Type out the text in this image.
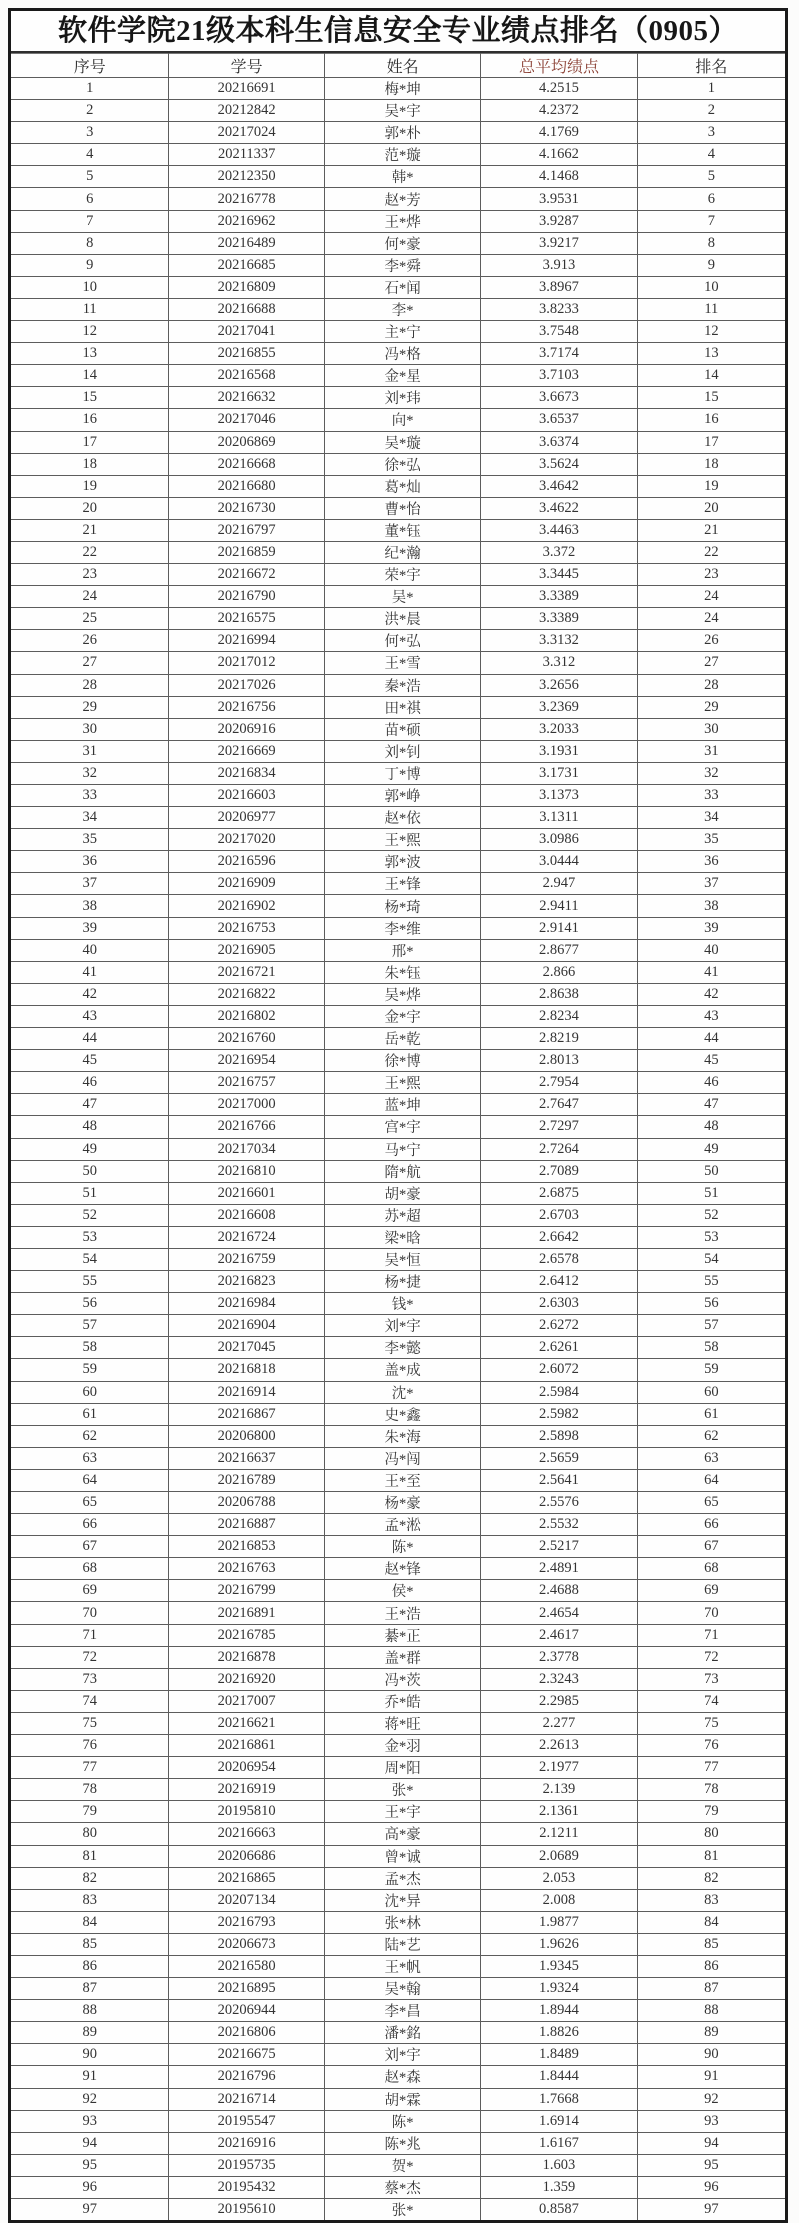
软件学院21级本科生信息安全专业绩点排名（0905）
序号	学号	姓名	总平均绩点	排名
1	20216691	梅*坤	4.2515	1
2	20212842	吴*宇	4.2372	2
3	20217024	郭*朴	4.1769	3
4	20211337	范*璇	4.1662	4
5	20212350	韩*	4.1468	5
6	20216778	赵*芳	3.9531	6
7	20216962	王*烨	3.9287	7
8	20216489	何*豪	3.9217	8
9	20216685	李*舜	3.913	9
10	20216809	石*闻	3.8967	10
11	20216688	李*	3.8233	11
12	20217041	主*宁	3.7548	12
13	20216855	冯*格	3.7174	13
14	20216568	金*星	3.7103	14
15	20216632	刘*玮	3.6673	15
16	20217046	向*	3.6537	16
17	20206869	吴*璇	3.6374	17
18	20216668	徐*弘	3.5624	18
19	20216680	葛*灿	3.4642	19
20	20216730	曹*怡	3.4622	20
21	20216797	董*钰	3.4463	21
22	20216859	纪*瀚	3.372	22
23	20216672	荣*宇	3.3445	23
24	20216790	吴*	3.3389	24
25	20216575	洪*晨	3.3389	24
26	20216994	何*弘	3.3132	26
27	20217012	王*雪	3.312	27
28	20217026	秦*浩	3.2656	28
29	20216756	田*祺	3.2369	29
30	20206916	苗*硕	3.2033	30
31	20216669	刘*钊	3.1931	31
32	20216834	丁*博	3.1731	32
33	20216603	郭*峥	3.1373	33
34	20206977	赵*依	3.1311	34
35	20217020	王*熙	3.0986	35
36	20216596	郭*波	3.0444	36
37	20216909	王*锋	2.947	37
38	20216902	杨*琦	2.9411	38
39	20216753	李*维	2.9141	39
40	20216905	邢*	2.8677	40
41	20216721	朱*钰	2.866	41
42	20216822	吴*烨	2.8638	42
43	20216802	金*宇	2.8234	43
44	20216760	岳*乾	2.8219	44
45	20216954	徐*博	2.8013	45
46	20216757	王*熙	2.7954	46
47	20217000	蓝*坤	2.7647	47
48	20216766	宫*宇	2.7297	48
49	20217034	马*宁	2.7264	49
50	20216810	隋*航	2.7089	50
51	20216601	胡*豪	2.6875	51
52	20216608	苏*超	2.6703	52
53	20216724	梁*晗	2.6642	53
54	20216759	吴*恒	2.6578	54
55	20216823	杨*捷	2.6412	55
56	20216984	钱*	2.6303	56
57	20216904	刘*宇	2.6272	57
58	20217045	李*懿	2.6261	58
59	20216818	盖*成	2.6072	59
60	20216914	沈*	2.5984	60
61	20216867	史*鑫	2.5982	61
62	20206800	朱*海	2.5898	62
63	20216637	冯*闯	2.5659	63
64	20216789	王*至	2.5641	64
65	20206788	杨*豪	2.5576	65
66	20216887	孟*淞	2.5532	66
67	20216853	陈*	2.5217	67
68	20216763	赵*锋	2.4891	68
69	20216799	侯*	2.4688	69
70	20216891	王*浩	2.4654	70
71	20216785	綦*正	2.4617	71
72	20216878	盖*群	2.3778	72
73	20216920	冯*茨	2.3243	73
74	20217007	乔*皓	2.2985	74
75	20216621	蒋*旺	2.277	75
76	20216861	金*羽	2.2613	76
77	20206954	周*阳	2.1977	77
78	20216919	张*	2.139	78
79	20195810	王*宇	2.1361	79
80	20216663	高*豪	2.1211	80
81	20206686	曾*诚	2.0689	81
82	20216865	孟*杰	2.053	82
83	20207134	沈*异	2.008	83
84	20216793	张*林	1.9877	84
85	20206673	陆*艺	1.9626	85
86	20216580	王*帆	1.9345	86
87	20216895	吴*翰	1.9324	87
88	20206944	李*昌	1.8944	88
89	20216806	潘*銘	1.8826	89
90	20216675	刘*宇	1.8489	90
91	20216796	赵*森	1.8444	91
92	20216714	胡*霖	1.7668	92
93	20195547	陈*	1.6914	93
94	20216916	陈*兆	1.6167	94
95	20195735	贺*	1.603	95
96	20195432	蔡*杰	1.359	96
97	20195610	张*	0.8587	97
